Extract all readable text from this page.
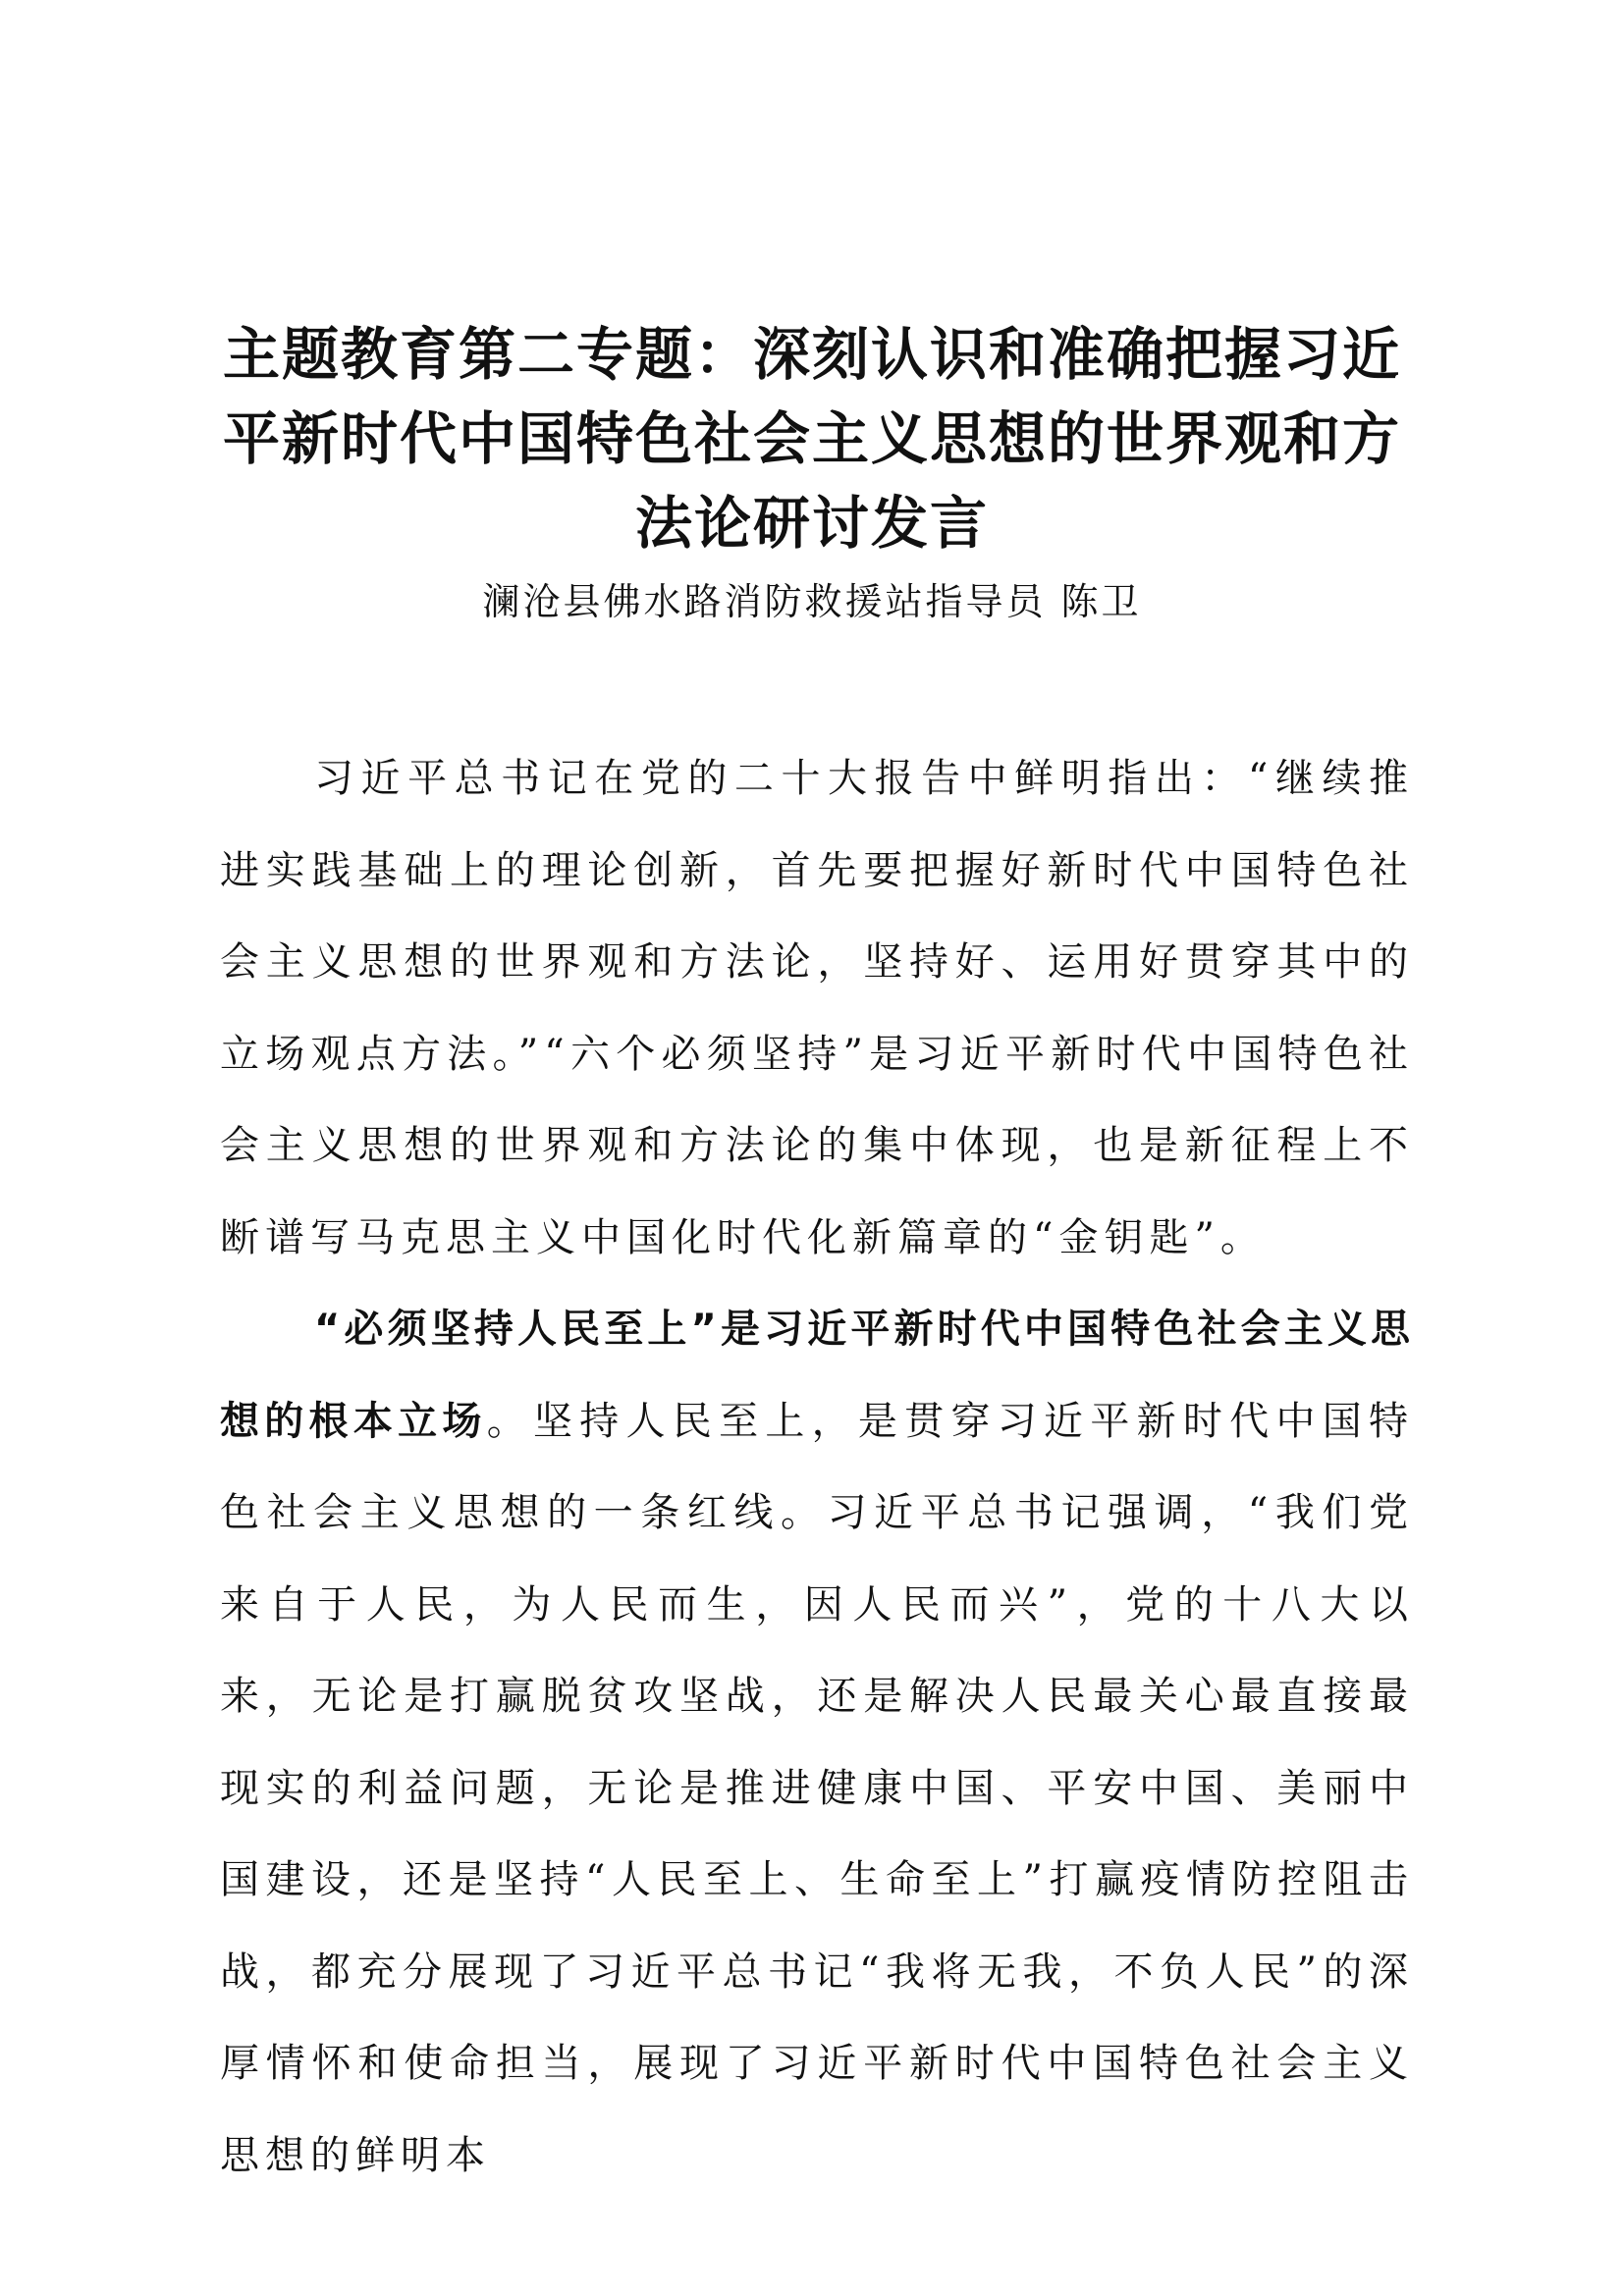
主题教育第二专题：深刻认识和准确把握习近
平新时代中国特色社会主义思想的世界观和方
法论研讨发言

澜沧县佛水路消防救援站指导员 陈卫

习近平总书记在党的二十大报告中鲜明指出：“继续推进实践基础上的理论创新，首先要把握好新时代中国特色社会主义思想的世界观和方法论，坚持好、运用好贯穿其中的立场观点方法。”“六个必须坚持”是习近平新时代中国特色社会主义思想的世界观和方法论的集中体现，也是新征程上不断谱写马克思主义中国化时代化新篇章的“金钥匙”。

“必须坚持人民至上”是习近平新时代中国特色社会主义思想的根本立场。坚持人民至上，是贯穿习近平新时代中国特色社会主义思想的一条红线。习近平总书记强调，“我们党来自于人民，为人民而生，因人民而兴”，党的十八大以来，无论是打赢脱贫攻坚战，还是解决人民最关心最直接最现实的利益问题，无论是推进健康中国、平安中国、美丽中国建设，还是坚持“人民至上、生命至上”打赢疫情防控阻击战，都充分展现了习近平总书记“我将无我，不负人民”的深厚情怀和使命担当，展现了习近平新时代中国特色社会主义思想的鲜明本
